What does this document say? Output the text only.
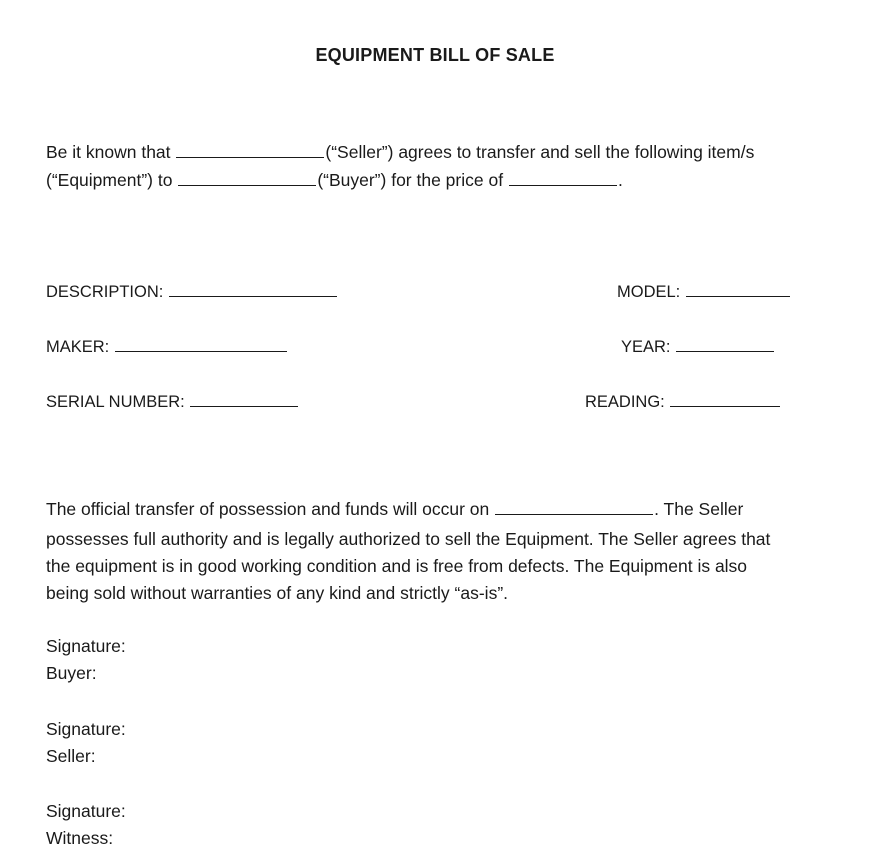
EQUIPMENT BILL OF SALE
Be it known that	(“Seller”) agrees to transfer and sell the following item/s
(“Equipment”) to	(“Buyer”) for the price of	.
DESCRIPTION:	MODEL:
MAKER:	YEAR:
SERIAL NUMBER:	READING:
The official transfer of possession and funds will occur on	. The Seller
possesses full authority and is legally authorized to sell the Equipment. The Seller agrees that
the equipment is in good working condition and is free from defects. The Equipment is also
being sold without warranties of any kind and strictly “as-is”.
Signature:
Buyer:
Signature:
Seller:
Signature:
Witness:
